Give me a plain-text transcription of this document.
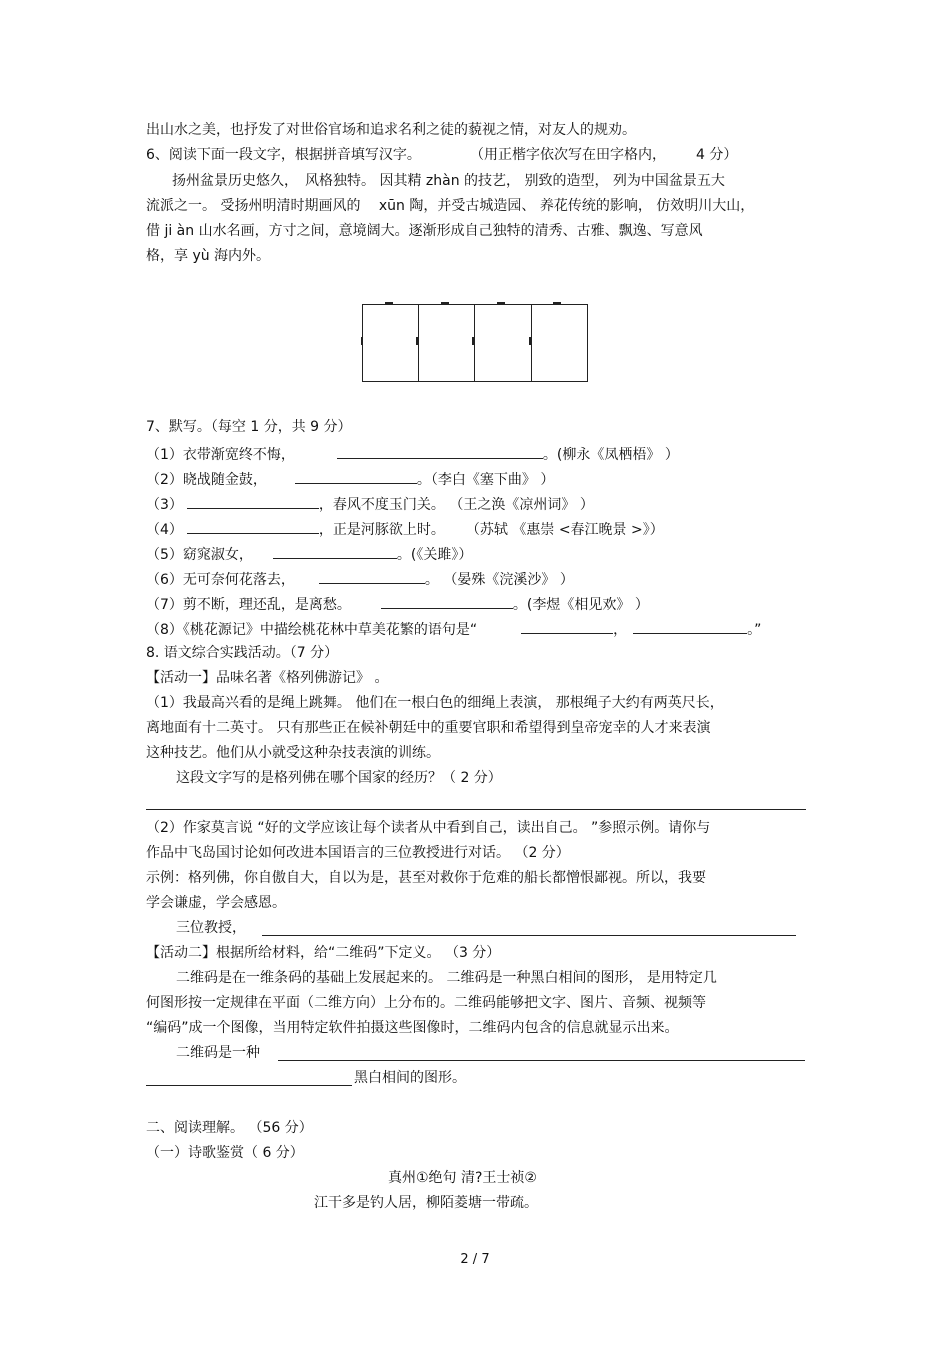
出山水之美，也抒发了对世俗官场和追求名利之徒的藐视之情，对友人的规劝。
6、阅读下面一段文字，根据拼音填写汉字。	（用正楷字依次写在田字格内， 4 分）
扬州盆景历史悠久，　风格独特。 因其精 zhàn 的技艺， 别致的造型， 列为中国盆景五大
流派之一。 受扬州明清时期画风的　 xūn 陶，并受古城造园、 养花传统的影响， 仿效明川大山，
借 ji àn 山水名画，方寸之间，意境阔大。逐渐形成自己独特的清秀、古雅、飘逸、写意风
格，享 yù 海内外。
7、默写。（每空 1 分，共 9 分）
（1）衣带渐宽终不悔，	。(柳永《凤栖梧》 ）
（2）晓战随金鼓，	。（李白《塞下曲》 ）
（3）	，春风不度玉门关。 （王之涣《凉州词》 ）
（4）	，正是河豚欲上时。 （苏轼 《惠崇 <春江晚景 >》）
（5）窈窕淑女，	。(《关雎》）
（6）无可奈何花落去，	。 （晏殊《浣溪沙》 ）
（7）剪不断，理还乱，是离愁。	。(李煜《相见欢》 ）
（8）《桃花源记》中描绘桃花林中草美花繁的语句是“	，	。”
8. 语文综合实践活动。（7 分）
【活动一】品味名著《格列佛游记》 。
（1）我最高兴看的是绳上跳舞。 他们在一根白色的细绳上表演， 那根绳子大约有两英尺长，
离地面有十二英寸。 只有那些正在候补朝廷中的重要官职和希望得到皇帝宠幸的人才来表演
这种技艺。他们从小就受这种杂技表演的训练。
这段文字写的是格列佛在哪个国家的经历？（ 2 分）
（2）作家莫言说 “好的文学应该让每个读者从中看到自己，读出自己。 ”参照示例。请你与
作品中飞岛国讨论如何改进本国语言的三位教授进行对话。 （2 分）
示例：格列佛，你自傲自大，自以为是，甚至对救你于危难的船长都憎恨鄙视。所以，我要
学会谦虚，学会感恩。
三位教授，
【活动二】根据所给材料，给“二维码”下定义。 （3 分）
二维码是在一维条码的基础上发展起来的。 二维码是一种黑白相间的图形， 是用特定几
何图形按一定规律在平面（二维方向）上分布的。二维码能够把文字、图片、音频、视频等
“编码”成一个图像，当用特定软件拍摄这些图像时，二维码内包含的信息就显示出来。
二维码是一种
黑白相间的图形。
二、阅读理解。 （56 分）
（一）诗歌鉴赏（ 6 分）
真州①绝句 清?王士祯②
江干多是钓人居，柳陌菱塘一带疏。
2 / 7
